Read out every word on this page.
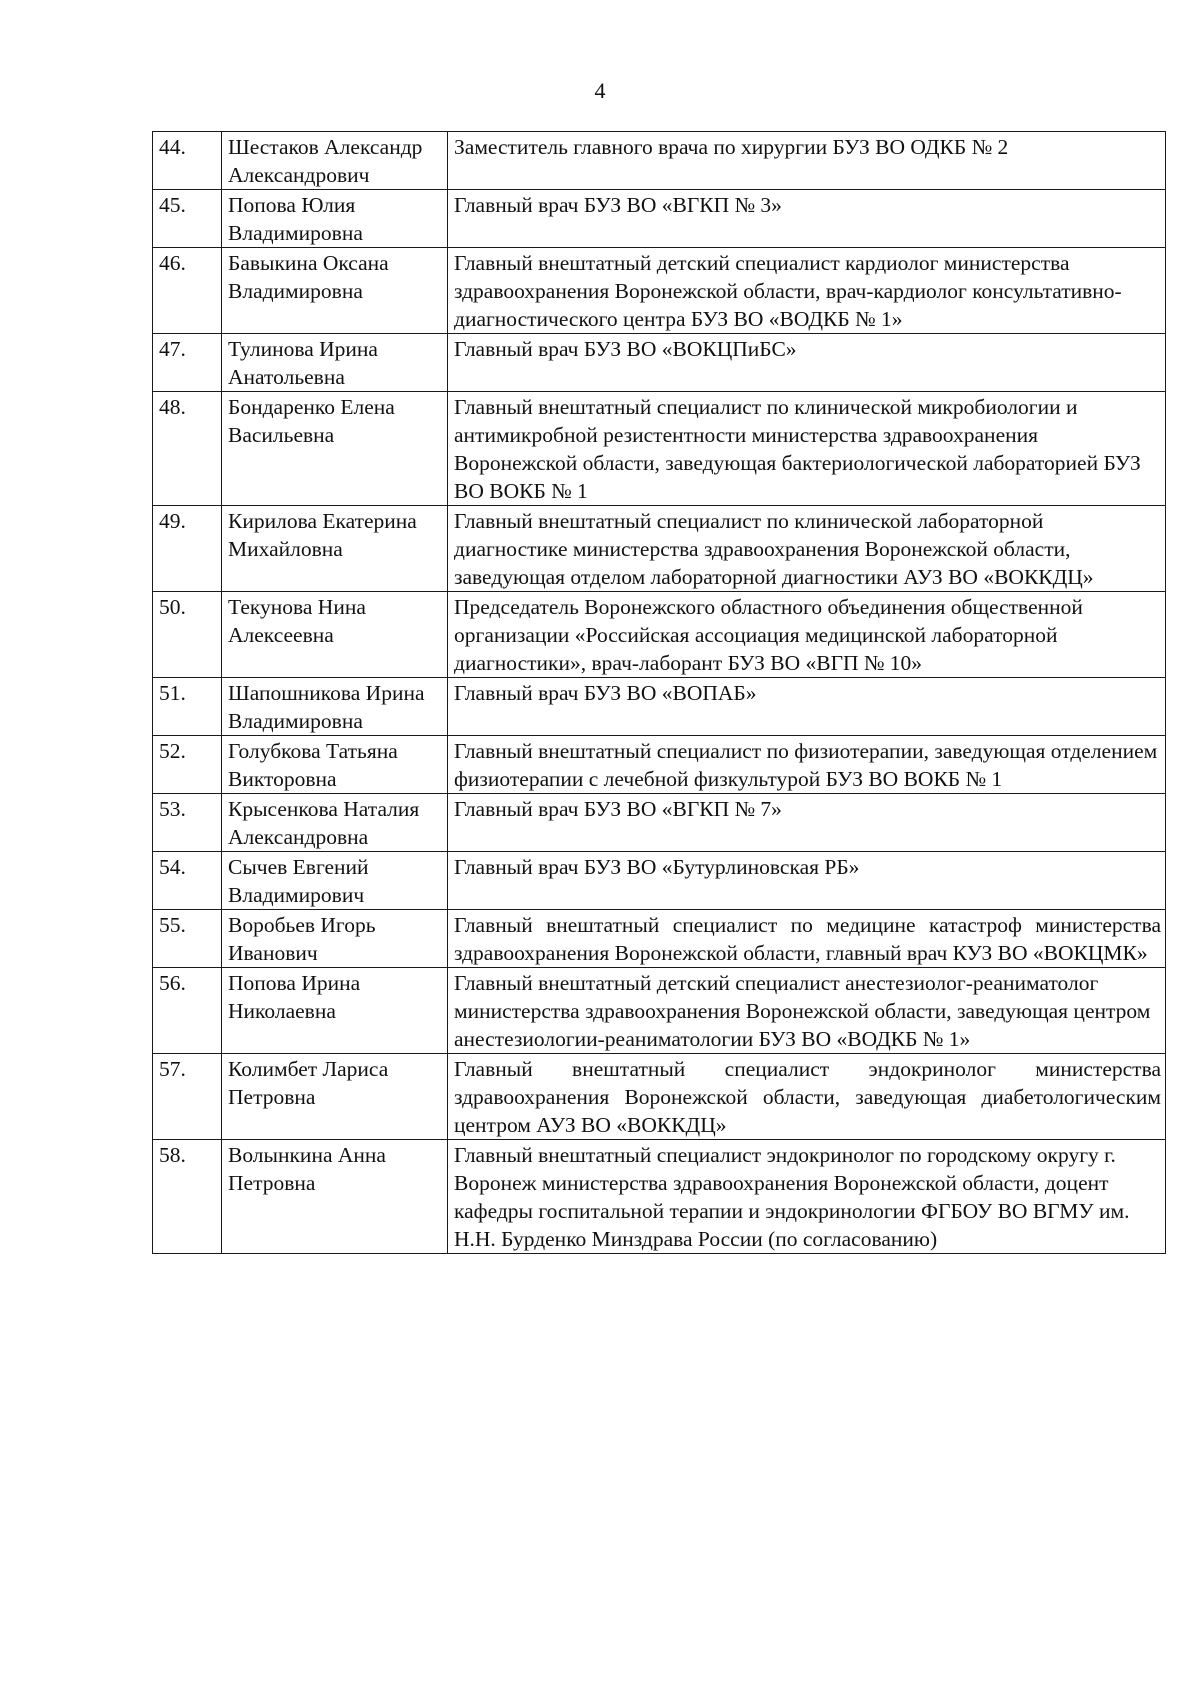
4
44.	Шестаков Александр Александрович	Заместитель главного врача по хирургии БУЗ ВО ОДКБ № 2
45.	Попова Юлия Владимировна	Главный врач БУЗ ВО «ВГКП № 3»
46.	Бавыкина Оксана Владимировна	Главный внештатный детский специалист кардиолог министерства здравоохранения Воронежской области, врач-кардиолог консультативно-диагностического центра БУЗ ВО «ВОДКБ № 1»
47.	Тулинова Ирина Анатольевна	Главный врач БУЗ ВО «ВОКЦПиБС»
48.	Бондаренко Елена Васильевна	Главный внештатный специалист по клинической микробиологии и антимикробной резистентности министерства здравоохранения Воронежской области, заведующая бактериологической лабораторией БУЗ ВО ВОКБ № 1
49.	Кирилова Екатерина Михайловна	Главный внештатный специалист по клинической лабораторной диагностике министерства здравоохранения Воронежской области, заведующая отделом лабораторной диагностики АУЗ ВО «ВОККДЦ»
50.	Текунова Нина Алексеевна	Председатель Воронежского областного объединения общественной организации «Российская ассоциация медицинской лабораторной диагностики», врач-лаборант БУЗ ВО «ВГП № 10»
51.	Шапошникова Ирина Владимировна	Главный врач БУЗ ВО «ВОПАБ»
52.	Голубкова Татьяна Викторовна	Главный внештатный специалист по физиотерапии, заведующая отделением физиотерапии с лечебной физкультурой БУЗ ВО ВОКБ № 1
53.	Крысенкова Наталия Александровна	Главный врач БУЗ ВО «ВГКП № 7»
54.	Сычев Евгений Владимирович	Главный врач БУЗ ВО «Бутурлиновская РБ»
55.	Воробьев Игорь Иванович	Главный внештатный специалист по медицине катастроф министерства здравоохранения Воронежской области, главный врач КУЗ ВО «ВОКЦМК»
56.	Попова Ирина Николаевна	Главный внештатный детский специалист анестезиолог-реаниматолог министерства здравоохранения Воронежской области, заведующая центром анестезиологии-реаниматологии БУЗ ВО «ВОДКБ № 1»
57.	Колимбет Лариса Петровна	Главный внештатный специалист эндокринолог министерства здравоохранения Воронежской области, заведующая диабетологическим центром АУЗ ВО «ВОККДЦ»
58.	Волынкина Анна Петровна	Главный внештатный специалист эндокринолог по городскому округу г. Воронеж министерства здравоохранения Воронежской области, доцент кафедры госпитальной терапии и эндокринологии ФГБОУ ВО ВГМУ им. Н.Н. Бурденко Минздрава России (по согласованию)
